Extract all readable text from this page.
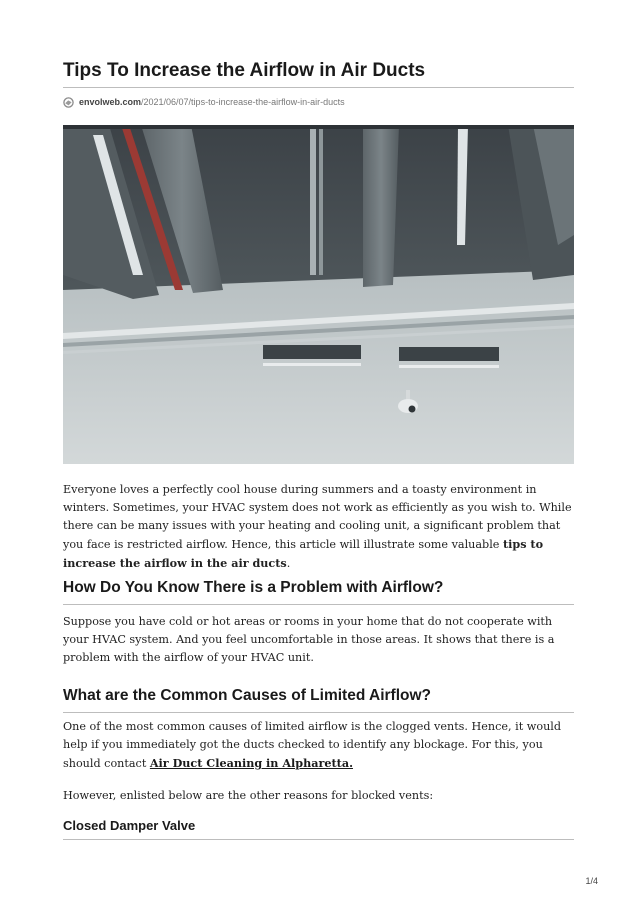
Tips To Increase the Airflow in Air Ducts
envolweb.com /2021/06/07/tips-to-increase-the-airflow-in-air-ducts
Everyone loves a perfectly cool house during summers and a toasty environment in
winters. Sometimes, your HVAC system does not work as efficiently as you wish to. While
there can be many issues with your heating and cooling unit, a significant problem that
you face is restricted airflow. Hence, this article will illustrate some valuable tips to
increase the airflow in the air ducts.
How Do You Know There is a Problem with Airflow?
Suppose you have cold or hot areas or rooms in your home that do not cooperate with
your HVAC system. And you feel uncomfortable in those areas. It shows that there is a
problem with the airflow of your HVAC unit.
What are the Common Causes of Limited Airflow?
One of the most common causes of limited airflow is the clogged vents. Hence, it would
help if you immediately got the ducts checked to identify any blockage. For this, you
should contact Air Duct Cleaning in Alpharetta.
However, enlisted below are the other reasons for blocked vents:
Closed Damper Valve
1/4
